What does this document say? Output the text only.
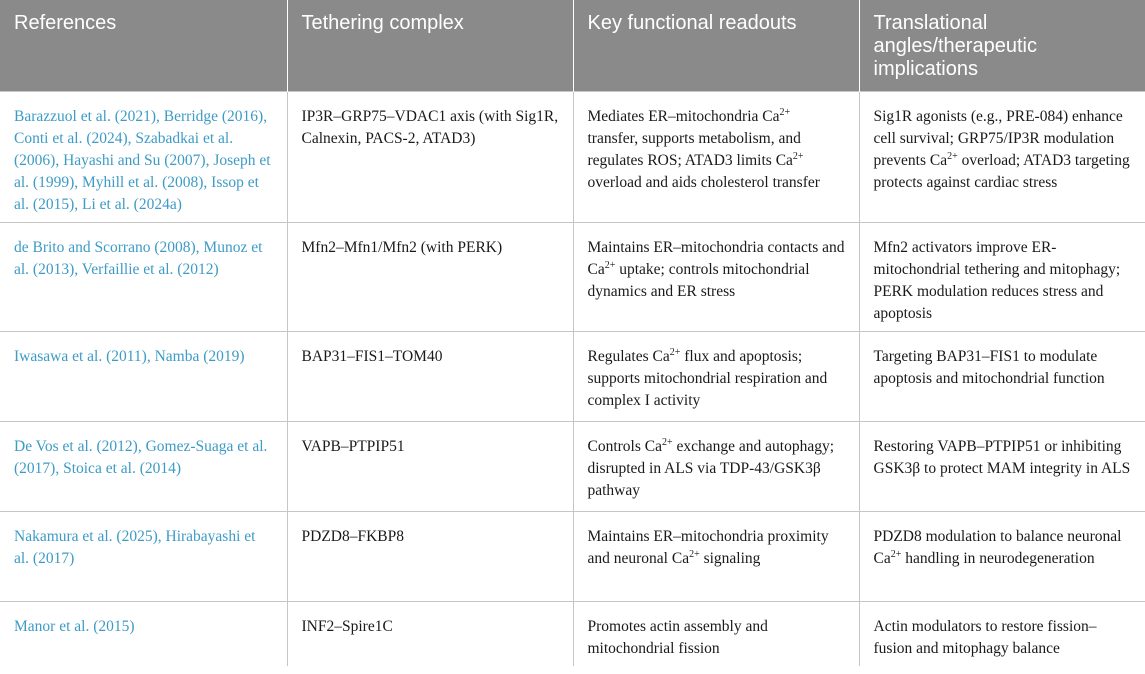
References	Tethering complex	Key functional readouts	Translational angles/therapeutic implications
Barazzuol et al. (2021), Berridge (2016), Conti et al. (2024), Szabadkai et al. (2006), Hayashi and Su (2007), Joseph et al. (1999), Myhill et al. (2008), Issop et al. (2015), Li et al. (2024a)	IP3R–GRP75–VDAC1 axis (with Sig1R, Calnexin, PACS-2, ATAD3)	Mediates ER–mitochondria $Ca^{2+}$ transfer, supports metabolism, and regulates ROS; ATAD3 limits $Ca^{2+}$ overload and aids cholesterol transfer	Sig1R agonists (e.g., PRE-084) enhance cell survival; GRP75/IP3R modulation prevents $Ca^{2+}$ overload; ATAD3 targeting protects against cardiac stress
de Brito and Scorrano (2008), Munoz et al. (2013), Verfaillie et al. (2012)	Mfn2–Mfn1/Mfn2 (with PERK)	Maintains ER–mitochondria contacts and $Ca^{2+}$ uptake; controls mitochondrial dynamics and ER stress	Mfn2 activators improve ER-mitochondrial tethering and mitophagy; PERK modulation reduces stress and apoptosis
Iwasawa et al. (2011), Namba (2019)	BAP31–FIS1–TOM40	Regulates $Ca^{2+}$ flux and apoptosis; supports mitochondrial respiration and complex I activity	Targeting BAP31–FIS1 to modulate apoptosis and mitochondrial function
De Vos et al. (2012), Gomez-Suaga et al. (2017), Stoica et al. (2014)	VAPB–PTPIP51	Controls $Ca^{2+}$ exchange and autophagy; disrupted in ALS via TDP-43/GSK3β pathway	Restoring VAPB–PTPIP51 or inhibiting GSK3β to protect MAM integrity in ALS
Nakamura et al. (2025), Hirabayashi et al. (2017)	PDZD8–FKBP8	Maintains ER–mitochondria proximity and neuronal $Ca^{2+}$ signaling	PDZD8 modulation to balance neuronal $Ca^{2+}$ handling in neurodegeneration
Manor et al. (2015)	INF2–Spire1C	Promotes actin assembly and mitochondrial fission	Actin modulators to restore fission–fusion and mitophagy balance
